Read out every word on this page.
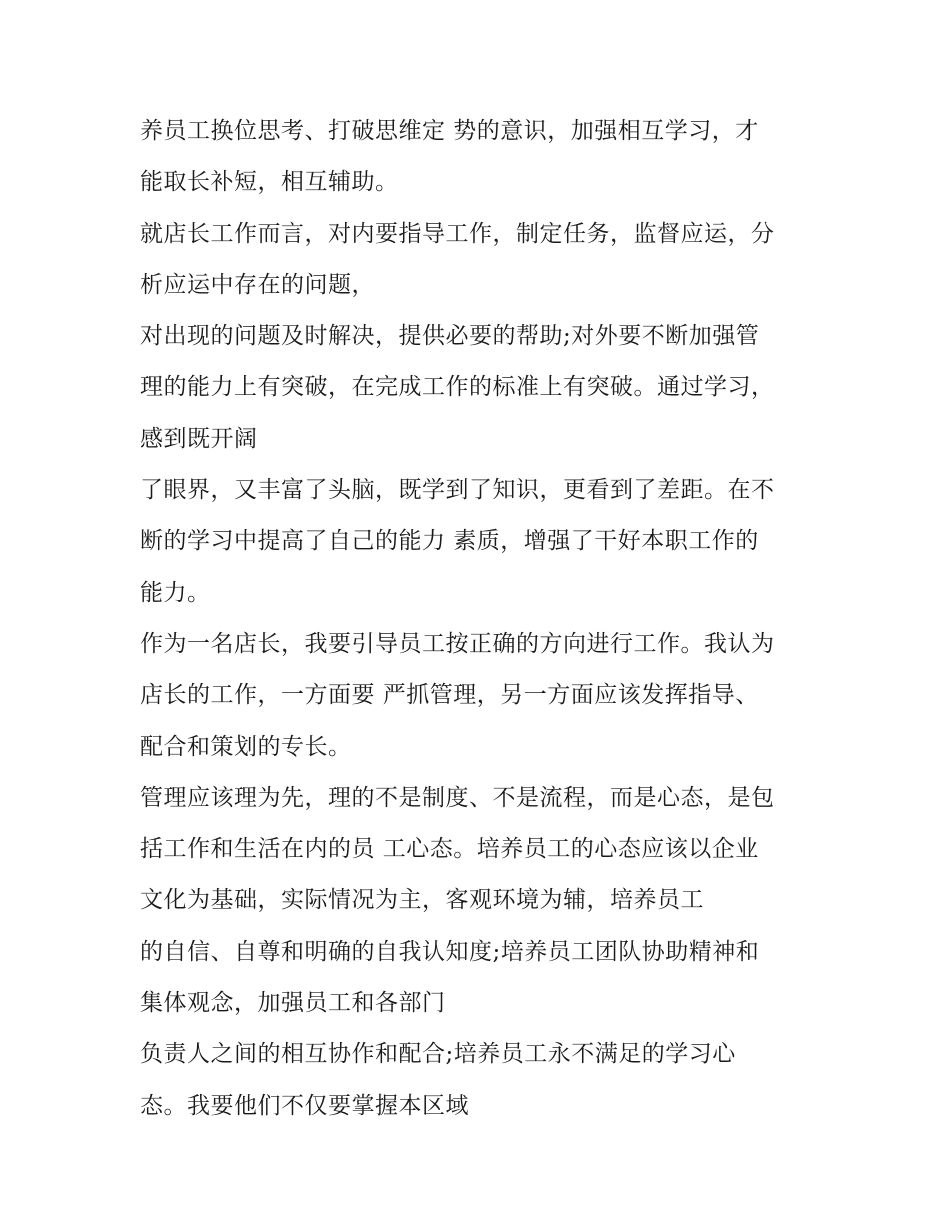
养员工换位思考、打破思维定 势的意识，加强相互学习，才
能取长补短，相互辅助。
就店长工作而言，对内要指导工作，制定任务，监督应运，分
析应运中存在的问题，
对出现的问题及时解决，提供必要的帮助;对外要不断加强管
理的能力上有突破，在完成工作的标准上有突破。通过学习，
感到既开阔
了眼界，又丰富了头脑，既学到了知识，更看到了差距。在不
断的学习中提高了自己的能力 素质，增强了干好本职工作的
能力。
作为一名店长，我要引导员工按正确的方向进行工作。我认为
店长的工作，一方面要 严抓管理，另一方面应该发挥指导、
配合和策划的专长。
管理应该理为先，理的不是制度、不是流程，而是心态，是包
括工作和生活在内的员 工心态。培养员工的心态应该以企业
文化为基础，实际情况为主，客观环境为辅，培养员工
的自信、自尊和明确的自我认知度;培养员工团队协助精神和
集体观念，加强员工和各部门
负责人之间的相互协作和配合;培养员工永不满足的学习心
态。我要他们不仅要掌握本区域
